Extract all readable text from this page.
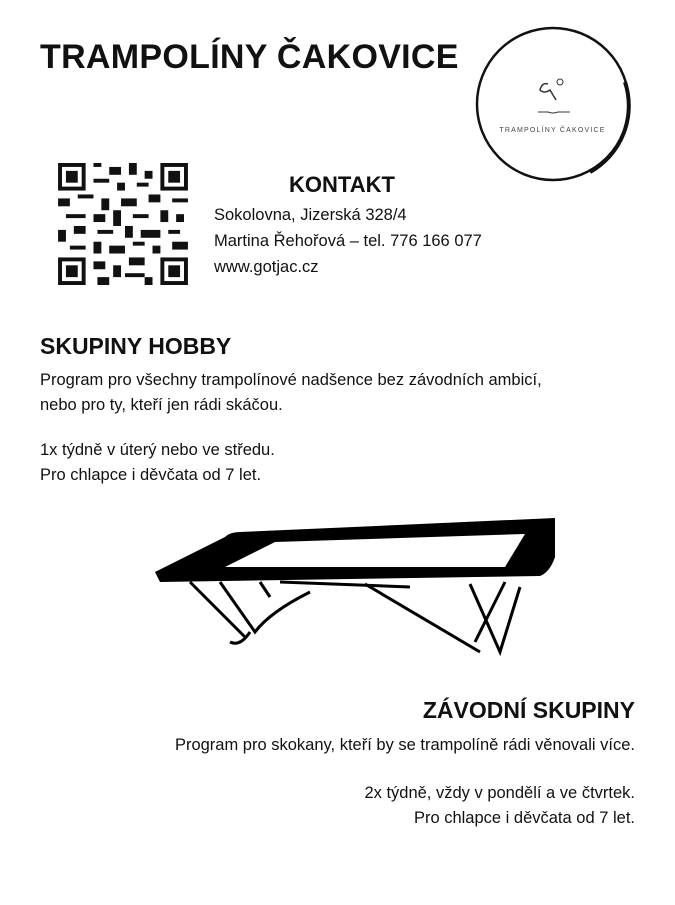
TRAMPOLÍNY ČAKOVICE
TRAMPOLÍNY ČAKOVICE
KONTAKT
Sokolovna, Jizerská 328/4
Martina Řehořová – tel. 776 166 077
www.gotjac.cz
SKUPINY HOBBY
Program pro všechny trampolínové nadšence bez závodních ambicí,
nebo pro ty, kteří jen rádi skáčou.
1x týdně v úterý nebo ve středu.
Pro chlapce i děvčata od 7 let.
ZÁVODNÍ SKUPINY
Program pro skokany, kteří by se trampolíně rádi věnovali více.
2x týdně, vždy v pondělí a ve čtvrtek.
Pro chlapce i děvčata od 7 let.
